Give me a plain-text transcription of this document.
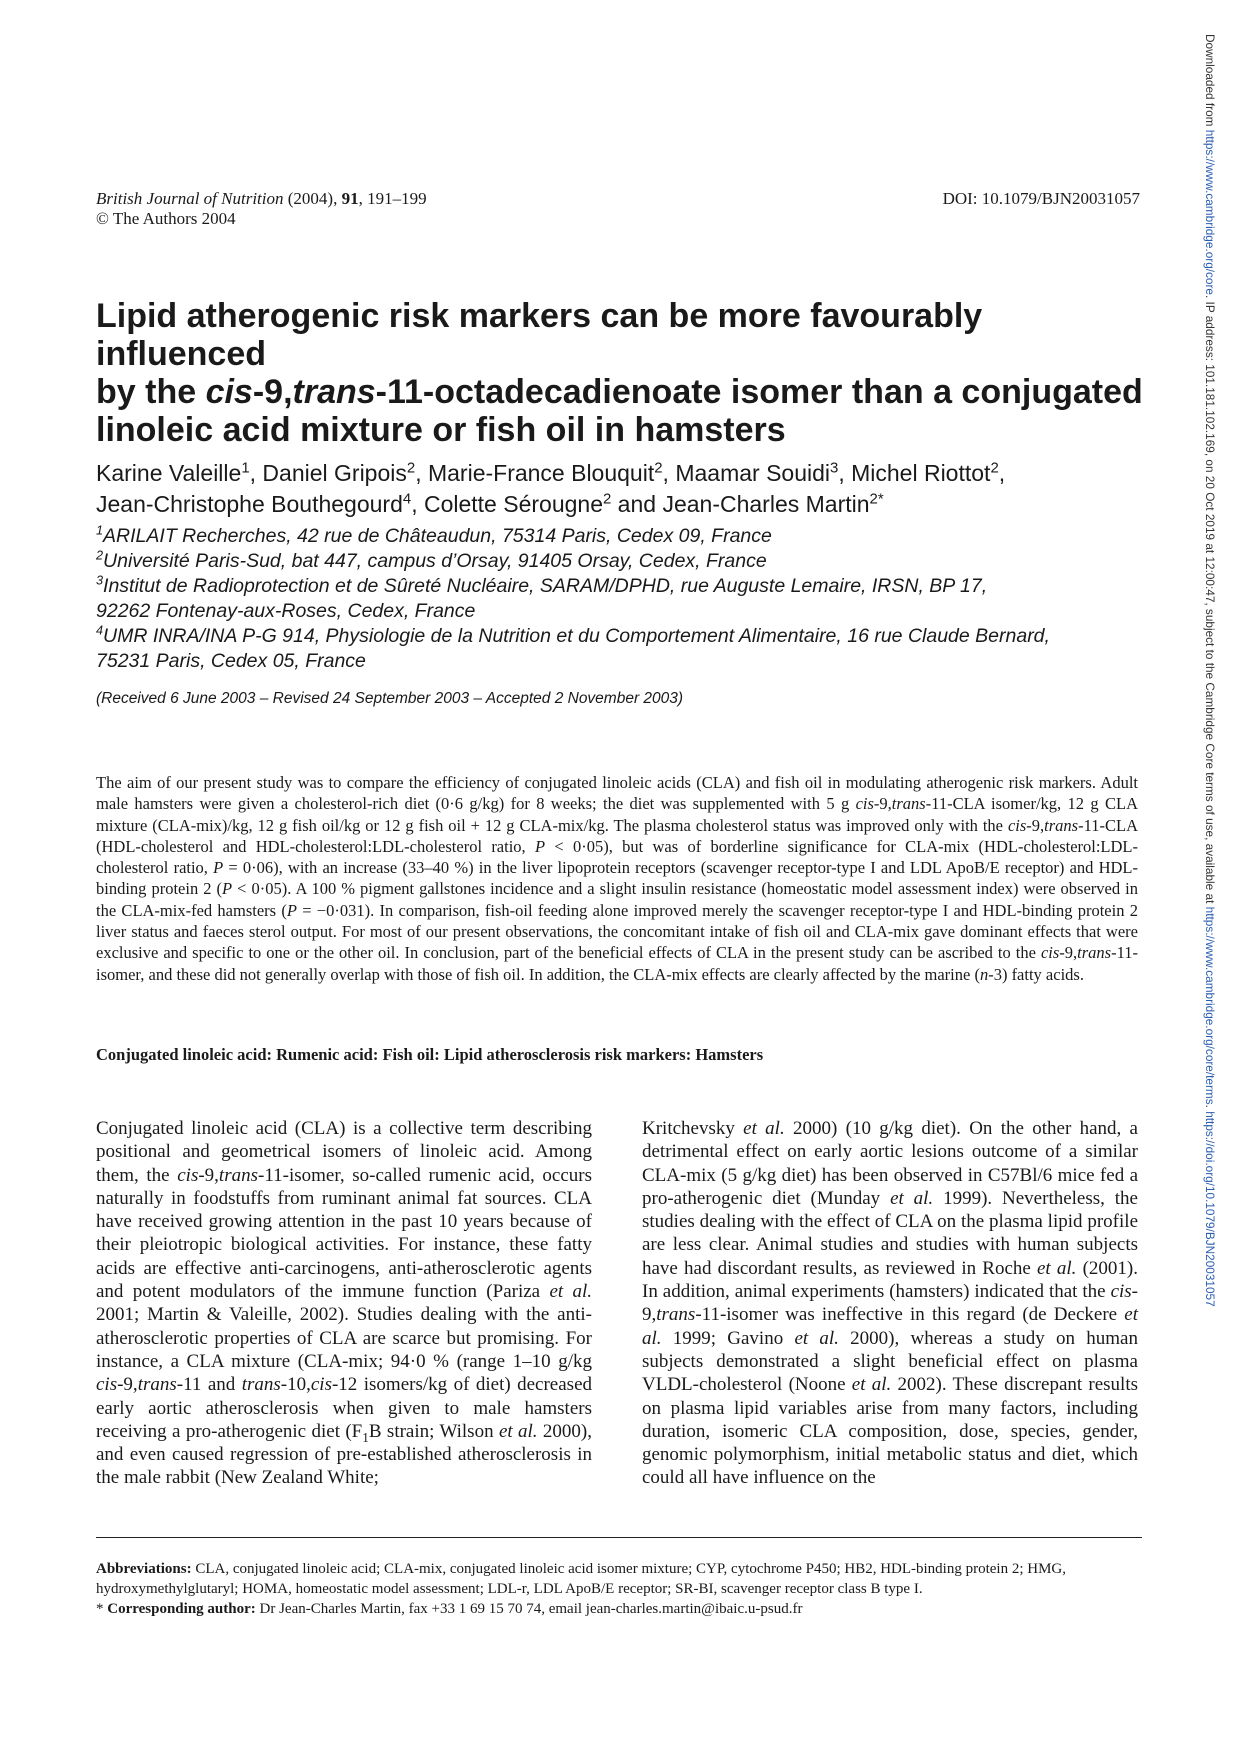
British Journal of Nutrition (2004), 91, 191–199
© The Authors 2004
DOI: 10.1079/BJN20031057
Lipid atherogenic risk markers can be more favourably influenced
by the cis-9,trans-11-octadecadienoate isomer than a conjugated
linoleic acid mixture or fish oil in hamsters
Karine Valeille$^1$, Daniel Gripois$^2$, Marie-France Blouquit$^2$, Maamar Souidi$^3$, Michel Riottot$^2$,
Jean-Christophe Bouthegourd$^4$, Colette Sérougne$^2$ and Jean-Charles Martin$^{2*}$
$^1$ARILAIT Recherches, 42 rue de Châteaudun, 75314 Paris, Cedex 09, France
$^2$Université Paris-Sud, bat 447, campus d’Orsay, 91405 Orsay, Cedex, France
$^3$Institut de Radioprotection et de Sûreté Nucléaire, SARAM/DPHD, rue Auguste Lemaire, IRSN, BP 17,
92262 Fontenay-aux-Roses, Cedex, France
$^4$UMR INRA/INA P-G 914, Physiologie de la Nutrition et du Comportement Alimentaire, 16 rue Claude Bernard,
75231 Paris, Cedex 05, France
(Received 6 June 2003 – Revised 24 September 2003 – Accepted 2 November 2003)

The aim of our present study was to compare the efficiency of conjugated linoleic acids (CLA) and fish oil in modulating atherogenic risk markers. Adult male hamsters were given a cholesterol-rich diet (0·6 g/kg) for 8 weeks; the diet was supplemented with 5 g cis-9,trans-11-CLA isomer/kg, 12 g CLA mixture (CLA-mix)/kg, 12 g fish oil/kg or 12 g fish oil + 12 g CLA-mix/kg. The plasma cholesterol status was improved only with the cis-9,trans-11-CLA (HDL-cholesterol and HDL-cholesterol:LDL-cholesterol ratio, P < 0·05), but was of borderline significance for CLA-mix (HDL-cholesterol:LDL-cholesterol ratio, P = 0·06), with an increase (33–40 %) in the liver lipoprotein receptors (scavenger receptor-type I and LDL ApoB/E receptor) and HDL-binding protein 2 (P < 0·05). A 100 % pigment gallstones incidence and a slight insulin resistance (homeostatic model assessment index) were observed in the CLA-mix-fed hamsters (P = −0·031). In comparison, fish-oil feeding alone improved merely the scavenger receptor-type I and HDL-binding protein 2 liver status and faeces sterol output. For most of our present observations, the concomitant intake of fish oil and CLA-mix gave dominant effects that were exclusive and specific to one or the other oil. In conclusion, part of the beneficial effects of CLA in the present study can be ascribed to the cis-9,trans-11-isomer, and these did not generally overlap with those of fish oil. In addition, the CLA-mix effects are clearly affected by the marine (n-3) fatty acids.

Conjugated linoleic acid: Rumenic acid: Fish oil: Lipid atherosclerosis risk markers: Hamsters

Conjugated linoleic acid (CLA) is a collective term describing positional and geometrical isomers of linoleic acid. Among them, the cis-9,trans-11-isomer, so-called rumenic acid, occurs naturally in foodstuffs from ruminant animal fat sources. CLA have received growing attention in the past 10 years because of their pleiotropic biological activities. For instance, these fatty acids are effective anti-carcinogens, anti-atherosclerotic agents and potent modulators of the immune function (Pariza et al. 2001; Martin & Valeille, 2002). Studies dealing with the anti-atherosclerotic properties of CLA are scarce but promising. For instance, a CLA mixture (CLA-mix; 94·0 % (range 1–10 g/kg cis-9,trans-11 and trans-10,cis-12 isomers/kg of diet) decreased early aortic atherosclerosis when given to male hamsters receiving a pro-atherogenic diet ($F_1B$ strain; Wilson et al. 2000), and even caused regression of pre-established atherosclerosis in the male rabbit (New Zealand White;

Kritchevsky et al. 2000) (10 g/kg diet). On the other hand, a detrimental effect on early aortic lesions outcome of a similar CLA-mix (5 g/kg diet) has been observed in C57Bl/6 mice fed a pro-atherogenic diet (Munday et al. 1999). Nevertheless, the studies dealing with the effect of CLA on the plasma lipid profile are less clear. Animal studies and studies with human subjects have had discordant results, as reviewed in Roche et al. (2001). In addition, animal experiments (hamsters) indicated that the cis-9,trans-11-isomer was ineffective in this regard (de Deckere et al. 1999; Gavino et al. 2000), whereas a study on human subjects demonstrated a slight beneficial effect on plasma VLDL-cholesterol (Noone et al. 2002). These discrepant results on plasma lipid variables arise from many factors, including duration, isomeric CLA composition, dose, species, gender, genomic polymorphism, initial metabolic status and diet, which could all have influence on the

Abbreviations: CLA, conjugated linoleic acid; CLA-mix, conjugated linoleic acid isomer mixture; CYP, cytochrome P450; HB2, HDL-binding protein 2; HMG, hydroxymethylglutaryl; HOMA, homeostatic model assessment; LDL-r, LDL ApoB/E receptor; SR-BI, scavenger receptor class B type I.
* Corresponding author: Dr Jean-Charles Martin, fax +33 1 69 15 70 74, email jean-charles.martin@ibaic.u-psud.fr
Downloaded from https://www.cambridge.org/core. IP address: 101.181.102.169, on 20 Oct 2019 at 12:00:47, subject to the Cambridge Core terms of use, available at https://www.cambridge.org/core/terms. https://doi.org/10.1079/BJN20031057
